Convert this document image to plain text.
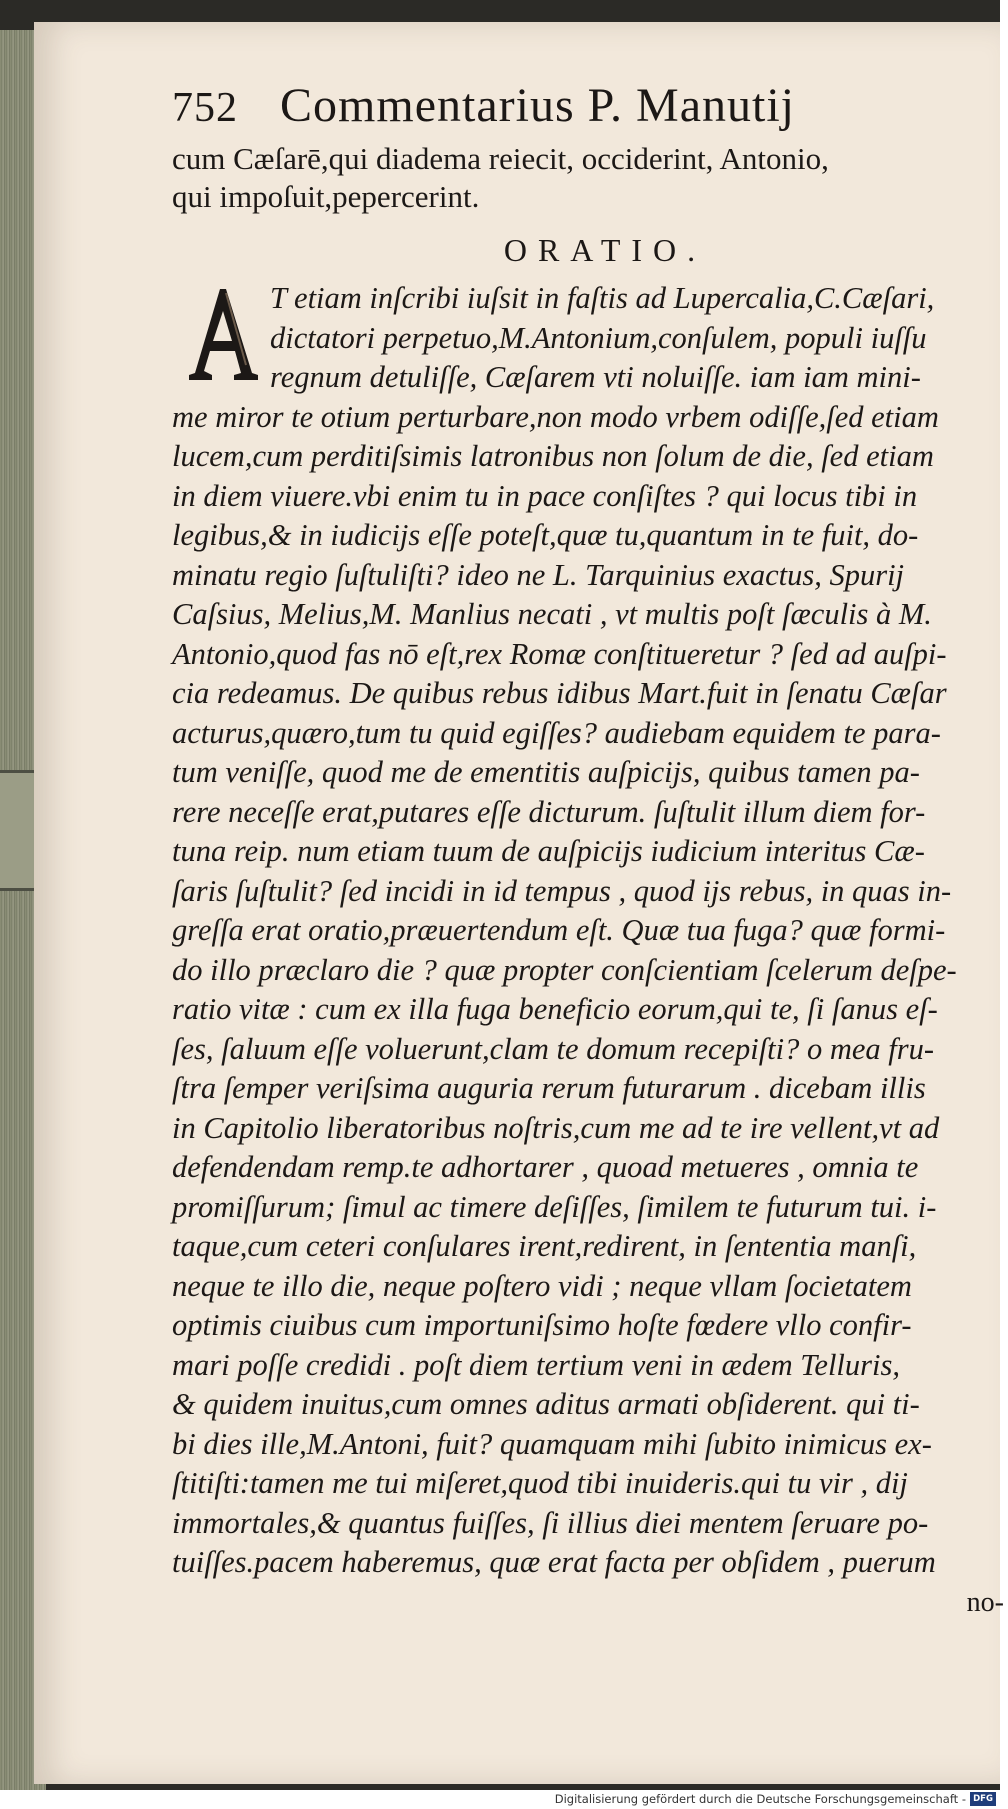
752 Commentarius P. Manutij
cum Cæſarē,qui diadema reiecit, occiderint, Antonio,
qui impoſuit,pepercerint.
ORATIO.
T etiam inſcribi iuſsit in faſtis ad Lupercalia,C.Cæſari,
dictatori perpetuo,M.Antonium,conſulem, populi iuſſu
regnum detuliſſe, Cæſarem vti noluiſſe. iam iam mini-
me miror te otium perturbare,non modo vrbem odiſſe,ſed etiam
lucem,cum perditiſsimis latronibus non ſolum de die, ſed etiam
in diem viuere.vbi enim tu in pace conſiſtes ? qui locus tibi in
legibus,& in iudicijs eſſe poteſt,quæ tu,quantum in te fuit, do-
minatu regio ſuſtuliſti? ideo ne L. Tarquinius exactus, Spurij
Caſsius, Melius,M. Manlius necati , vt multis poſt ſæculis à M.
Antonio,quod fas nō eſt,rex Romæ conſtitueretur ? ſed ad auſpi-
cia redeamus. De quibus rebus idibus Mart.fuit in ſenatu Cæſar
acturus,quæro,tum tu quid egiſſes? audiebam equidem te para-
tum veniſſe, quod me de ementitis auſpicijs, quibus tamen pa-
rere neceſſe erat,putares eſſe dicturum. ſuſtulit illum diem for-
tuna reip. num etiam tuum de auſpicijs iudicium interitus Cæ-
ſaris ſuſtulit? ſed incidi in id tempus , quod ijs rebus, in quas in-
greſſa erat oratio,præuertendum eſt. Quæ tua fuga? quæ formi-
do illo præclaro die ? quæ propter conſcientiam ſcelerum deſpe-
ratio vitæ : cum ex illa fuga beneficio eorum,qui te, ſi ſanus eſ-
ſes, ſaluum eſſe voluerunt,clam te domum recepiſti? o mea fru-
ſtra ſemper veriſsima auguria rerum futurarum . dicebam illis
in Capitolio liberatoribus noſtris,cum me ad te ire vellent,vt ad
defendendam remp.te adhortarer , quoad metueres , omnia te
promiſſurum; ſimul ac timere deſiſſes, ſimilem te futurum tui. i-
taque,cum ceteri conſulares irent,redirent, in ſententia manſi,
neque te illo die, neque poſtero vidi ; neque vllam ſocietatem
optimis ciuibus cum importuniſsimo hoſte fœdere vllo confir-
mari poſſe credidi . poſt diem tertium veni in ædem Telluris,
& quidem inuitus,cum omnes aditus armati obſiderent. qui ti-
bi dies ille,M.Antoni, fuit? quamquam mihi ſubito inimicus ex-
ſtitiſti:tamen me tui miſeret,quod tibi inuideris.qui tu vir , dij
immortales,& quantus fuiſſes, ſi illius diei mentem ſeruare po-
tuiſſes.pacem haberemus, quæ erat facta per obſidem , puerum
no-
Digitalisierung gefördert durch die Deutsche Forschungsgemeinschaft - DFG
